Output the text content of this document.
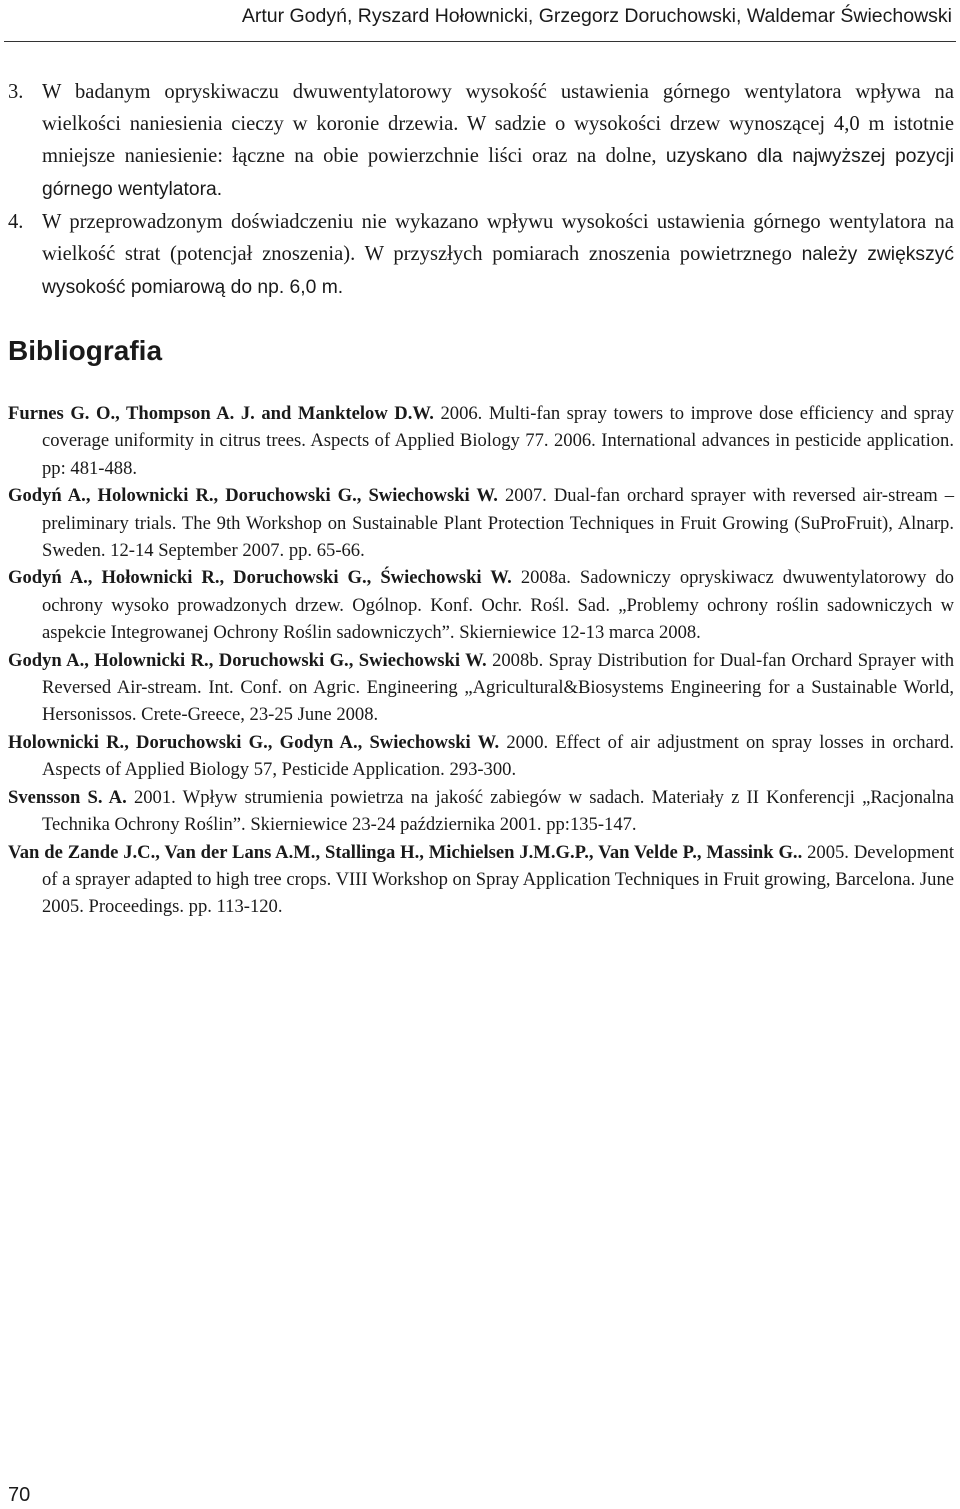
Artur Godyń, Ryszard Hołownicki, Grzegorz Doruchowski, Waldemar Świechowski
3. W badanym opryskiwaczu dwuwentylatorowy wysokość ustawienia górnego wentylatora wpływa na wielkości naniesienia cieczy w koronie drzewia. W sadzie o wysokości drzew wynoszącej 4,0 m istotnie mniejsze naniesienie: łączne na obie powierzchnie liści oraz na dolne, uzyskano dla najwyższej pozycji górnego wentylatora.
4. W przeprowadzonym doświadczeniu nie wykazano wpływu wysokości ustawienia górnego wentylatora na wielkość strat (potencjał znoszenia). W przyszłych pomiarach znoszenia powietrznego należy zwiększyć wysokość pomiarową do np. 6,0 m.
Bibliografia
Furnes G. O., Thompson A. J. and Manktelow D.W. 2006. Multi-fan spray towers to improve dose efficiency and spray coverage uniformity in citrus trees. Aspects of Applied Biology 77. 2006. International advances in pesticide application. pp: 481-488.
Godyń A., Holownicki R., Doruchowski G., Swiechowski W. 2007. Dual-fan orchard sprayer with reversed air-stream – preliminary trials. The 9th Workshop on Sustainable Plant Protection Techniques in Fruit Growing (SuProFruit), Alnarp. Sweden. 12-14 September 2007. pp. 65-66.
Godyń A., Hołownicki R., Doruchowski G., Świechowski W. 2008a. Sadowniczy opryskiwacz dwuwentylatorowy do ochrony wysoko prowadzonych drzew. Ogólnop. Konf. Ochr. Rośl. Sad. „Problemy ochrony roślin sadowniczych w aspekcie Integrowanej Ochrony Roślin sadowniczych”. Skierniewice 12-13 marca 2008.
Godyn A., Holownicki R., Doruchowski G., Swiechowski W. 2008b. Spray Distribution for Dual-fan Orchard Sprayer with Reversed Air-stream. Int. Conf. on Agric. Engineering „Agricultural&Biosystems Engineering for a Sustainable World, Hersonissos. Crete-Greece, 23-25 June 2008.
Holownicki R., Doruchowski G., Godyn A., Swiechowski W. 2000. Effect of air adjustment on spray losses in orchard. Aspects of Applied Biology 57, Pesticide Application. 293-300.
Svensson S. A. 2001. Wpływ strumienia powietrza na jakość zabiegów w sadach. Materiały z II Konferencji „Racjonalna Technika Ochrony Roślin”. Skierniewice 23-24 października 2001. pp:135-147.
Van de Zande J.C., Van der Lans A.M., Stallinga H., Michielsen J.M.G.P., Van Velde P., Massink G.. 2005. Development of a sprayer adapted to high tree crops. VIII Workshop on Spray Application Techniques in Fruit growing, Barcelona. June 2005. Proceedings. pp. 113-120.
70
